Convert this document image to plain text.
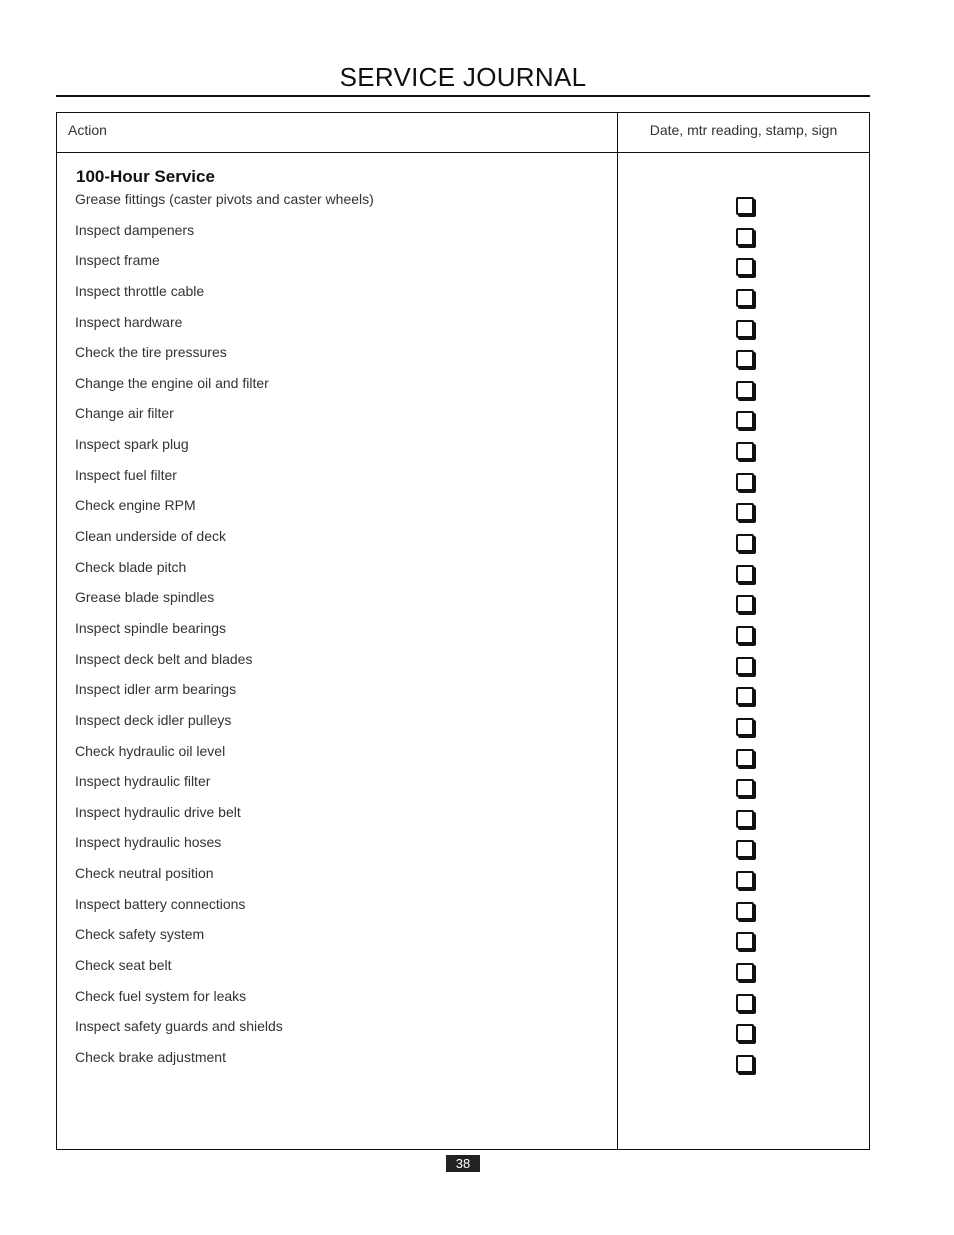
SERVICE JOURNAL
Action	Date, mtr reading, stamp, sign
100-Hour Service
Grease fittings (caster pivots and caster wheels)
Inspect dampeners
Inspect frame
Inspect throttle cable
Inspect hardware
Check the tire pressures
Change the engine oil and filter
Change air filter
Inspect spark plug
Inspect fuel filter
Check engine RPM
Clean underside of deck
Check blade pitch
Grease blade spindles
Inspect spindle bearings
Inspect deck belt and blades
Inspect idler arm bearings
Inspect deck idler pulleys
Check hydraulic oil level
Inspect hydraulic filter
Inspect hydraulic drive belt
Inspect hydraulic hoses
Check neutral position
Inspect battery connections
Check safety system
Check seat belt
Check fuel system for leaks
Inspect safety guards and shields
Check brake adjustment
38
